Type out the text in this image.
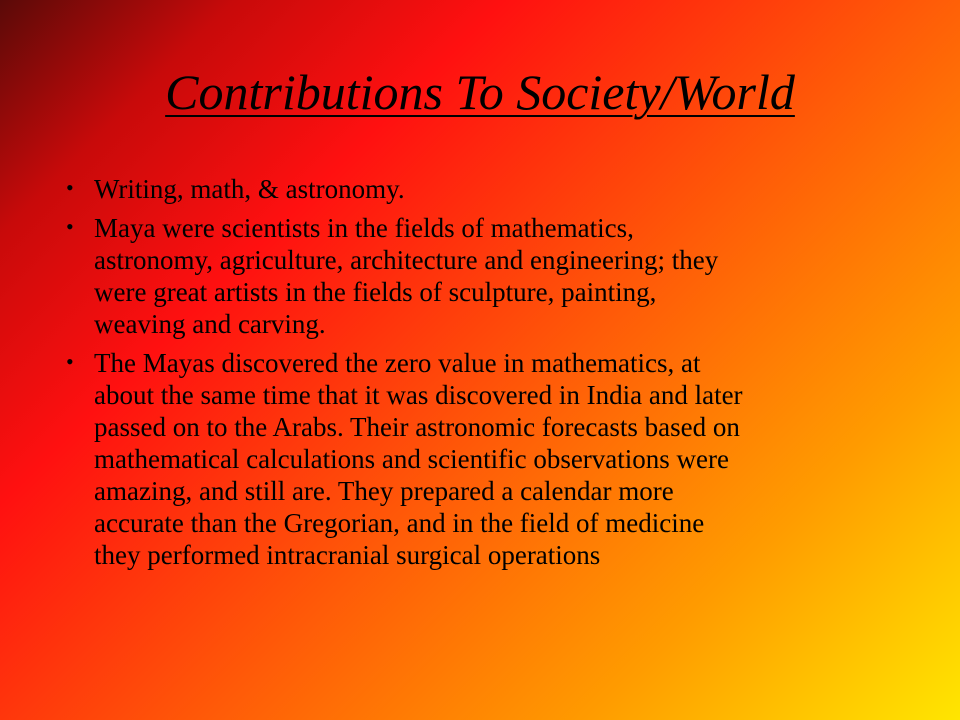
Contributions To Society/World
• Writing, math, & astronomy.
• Maya were scientists in the fields of mathematics,
astronomy, agriculture, architecture and engineering; they
were great artists in the fields of sculpture, painting,
weaving and carving.
• The Mayas discovered the zero value in mathematics, at
about the same time that it was discovered in India and later
passed on to the Arabs. Their astronomic forecasts based on
mathematical calculations and scientific observations were
amazing, and still are. They prepared a calendar more
accurate than the Gregorian, and in the field of medicine
they performed intracranial surgical operations
